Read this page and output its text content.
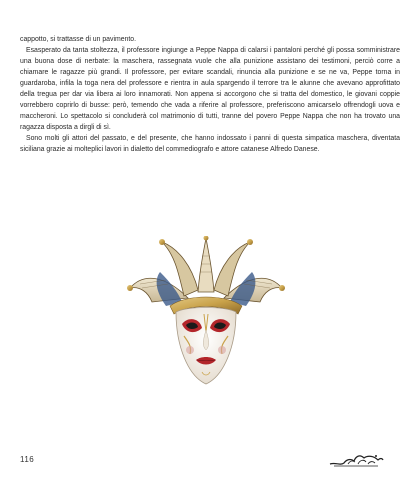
cappotto, si trattasse di un pavimento.

Esasperato da tanta stoltezza, il professore ingiunge a Peppe Nappa di calarsi i pantaloni perché gli possa somministrare una buona dose di nerbate: la maschera, rassegnata vuole che alla punizione assistano dei testimoni, perciò corre a chiamare le ragazze più grandi. Il professore, per evitare scandali, rinuncia alla punizione e se ne va, Peppe torna in guardaroba, infila la toga nera del professore e rientra in aula spargendo il terrore tra le alunne che avevano approfittato della tregua per dar via libera ai loro innamorati. Non appena si accorgono che si tratta del domestico, le giovani coppie vorrebbero coprirlo di busse: però, temendo che vada a riferire al professore, preferiscono amicarselo offrendogli uova e maccheroni. Lo spettacolo si concluderà col matrimonio di tutti, tranne del povero Peppe Nappa che non ha trovato una ragazza disposta a dirgli di sì.

Sono molti gli attori del passato, e del presente, che hanno indossato i panni di questa simpatica maschera, diventata siciliana grazie ai molteplici lavori in dialetto del commediografo e attore catanese Alfredo Danese.

116
